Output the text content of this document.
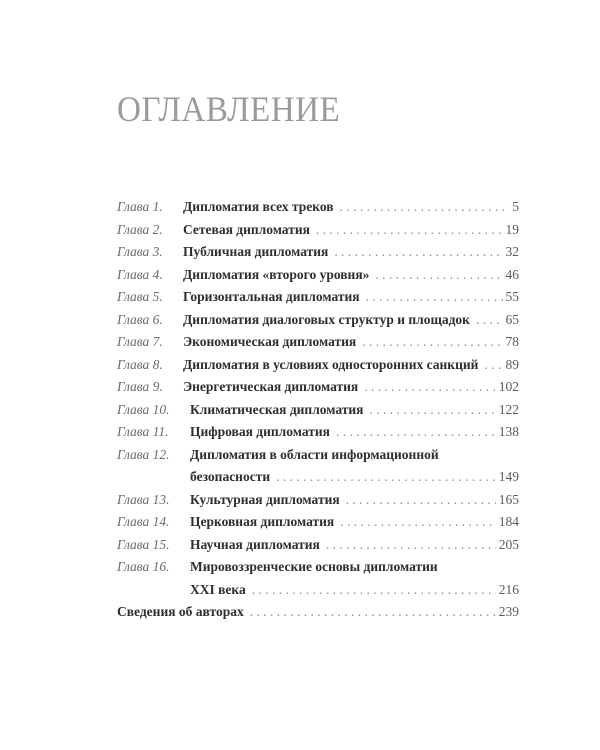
ОГЛАВЛЕНИЕ
Глава 1.	Дипломатия всех треков . . .	5
Глава 2.	Сетевая дипломатия . . .	19
Глава 3.	Публичная дипломатия . . .	32
Глава 4.	Дипломатия «второго уровня» . . .	46
Глава 5.	Горизонтальная дипломатия . . .	55
Глава 6.	Дипломатия диалоговых структур и площадок . . .	65
Глава 7.	Экономическая дипломатия . . .	78
Глава 8.	Дипломатия в условиях односторонних санкций . . . 89
Глава 9.	Энергетическая дипломатия . . .	102
Глава 10.	Климатическая дипломатия . . .	122
Глава 11.	Цифровая дипломатия . . .	138
Глава 12.	Дипломатия в области информационной
безопасности . . .	149
Глава 13.	Культурная дипломатия . . .	165
Глава 14.	Церковная дипломатия . . .	184
Глава 15.	Научная дипломатия . . .	205
Глава 16.	Мировоззренческие основы дипломатии
XXI века . . .	216
Сведения об авторах . . .	239
